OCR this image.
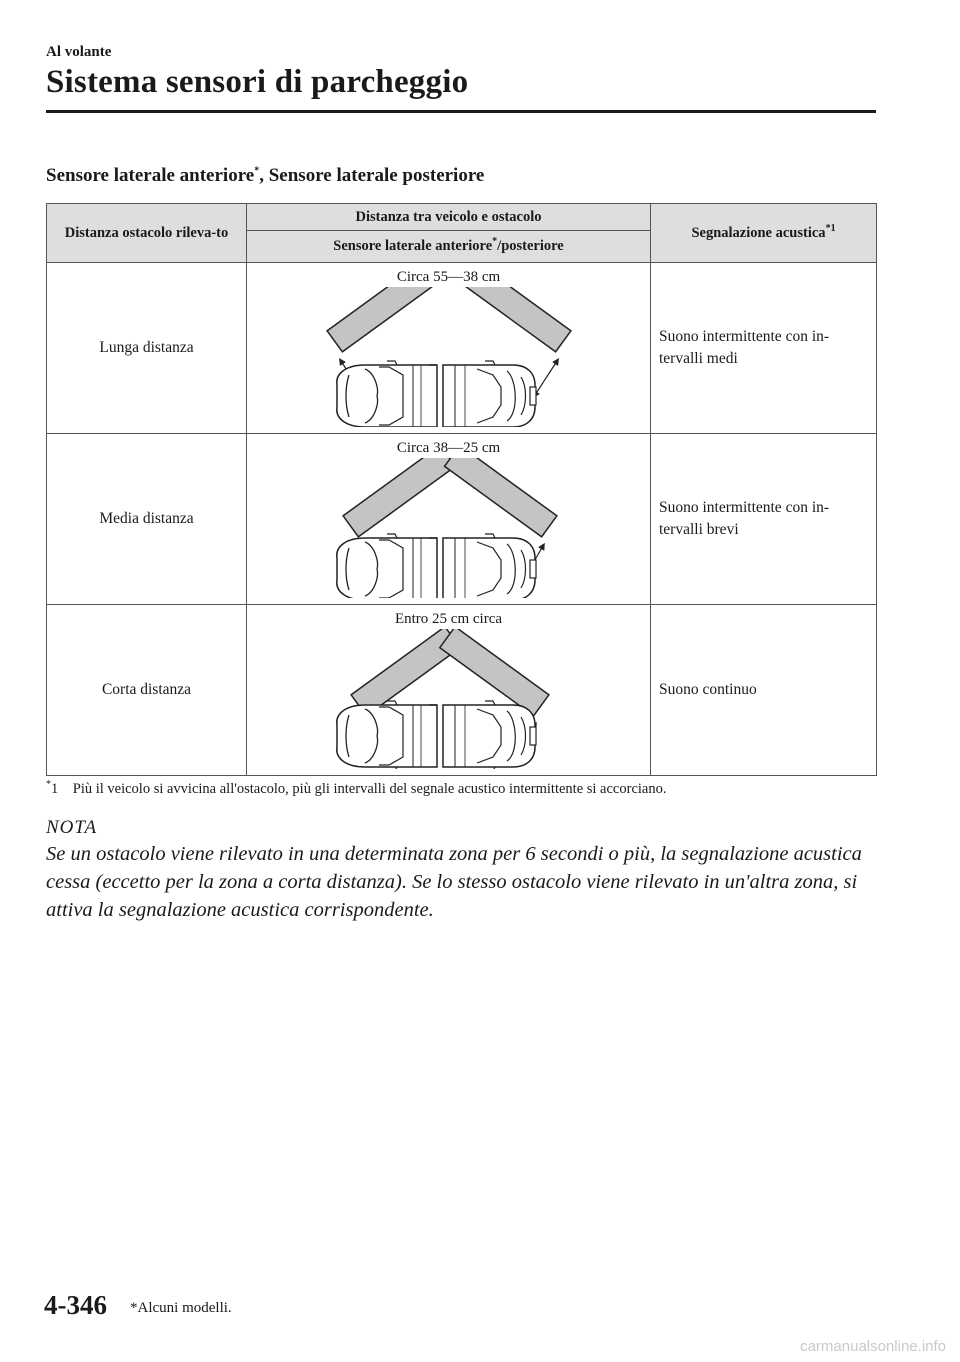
Al volante
Sistema sensori di parcheggio
Sensore laterale anteriore*, Sensore laterale posteriore
Distanza ostacolo rileva-to	Distanza tra veicolo e ostacolo	Segnalazione acustica$^{*1}$
	Sensore laterale anteriore*/posteriore	
Lunga distanza	Circa 55—38 cm	Suono intermittente con in-tervalli medi
Media distanza	Circa 38—25 cm	Suono intermittente con in-tervalli brevi
Corta distanza	Entro 25 cm circa	Suono continuo
*1 Più il veicolo si avvicina all'ostacolo, più gli intervalli del segnale acustico intermittente si accorciano.
NOTA
Se un ostacolo viene rilevato in una determinata zona per 6 secondi o più, la segnalazione acustica cessa (eccetto per la zona a corta distanza). Se lo stesso ostacolo viene rilevato in un'altra zona, si attiva la segnalazione acustica corrispondente.
4-346 *Alcuni modelli.
carmanualsonline.info
